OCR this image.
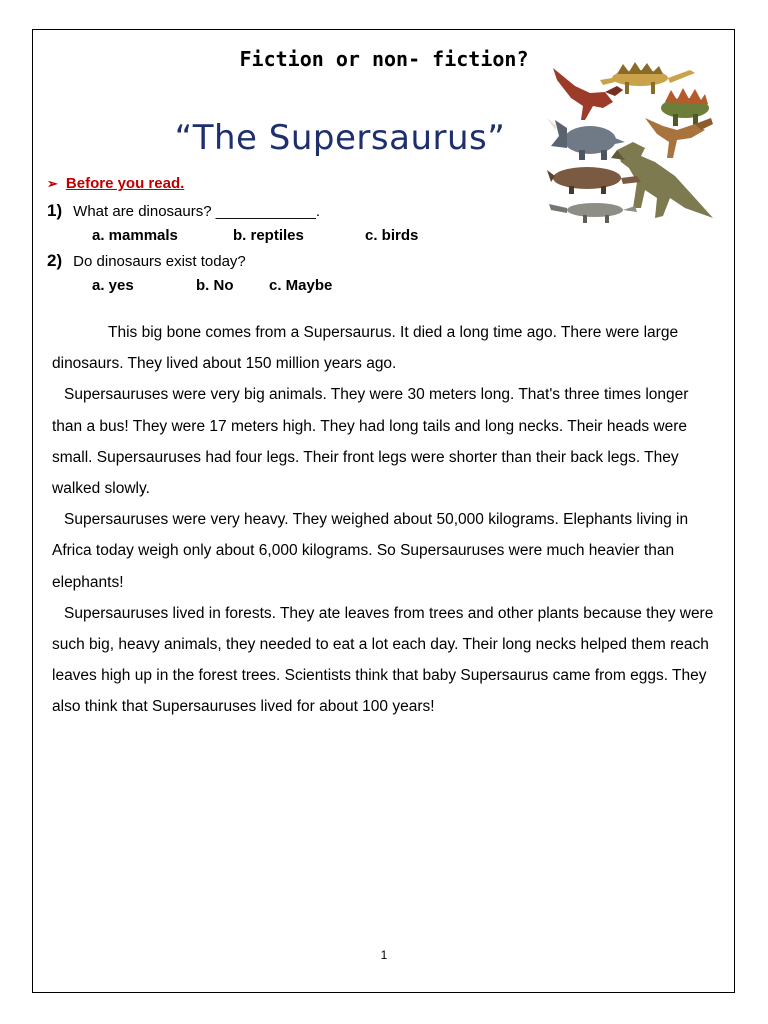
Fiction or non- fiction?
“The Supersaurus”
➢ Before you read.
1) What are dinosaurs? ____________.
a. mammals	b. reptiles	c. birds
2) Do dinosaurs exist today?
a. yes	b. No c. Maybe

This big bone comes from a Supersaurus. It died a long time ago. There were large dinosaurs. They lived about 150 million years ago.

Supersauruses were very big animals. They were 30 meters long. That's three times longer than a bus! They were 17 meters high. They had long tails and long necks. Their heads were small. Supersauruses had four legs. Their front legs were shorter than their back legs. They walked slowly.

Supersauruses were very heavy. They weighed about 50,000 kilograms. Elephants living in Africa today weigh only about 6,000 kilograms. So Supersauruses were much heavier than elephants!

Supersauruses lived in forests. They ate leaves from trees and other plants because they were such big, heavy animals, they needed to eat a lot each day. Their long necks helped them reach leaves high up in the forest trees. Scientists think that baby Supersaurus came from eggs. They also think that Supersauruses lived for about 100 years!

1
